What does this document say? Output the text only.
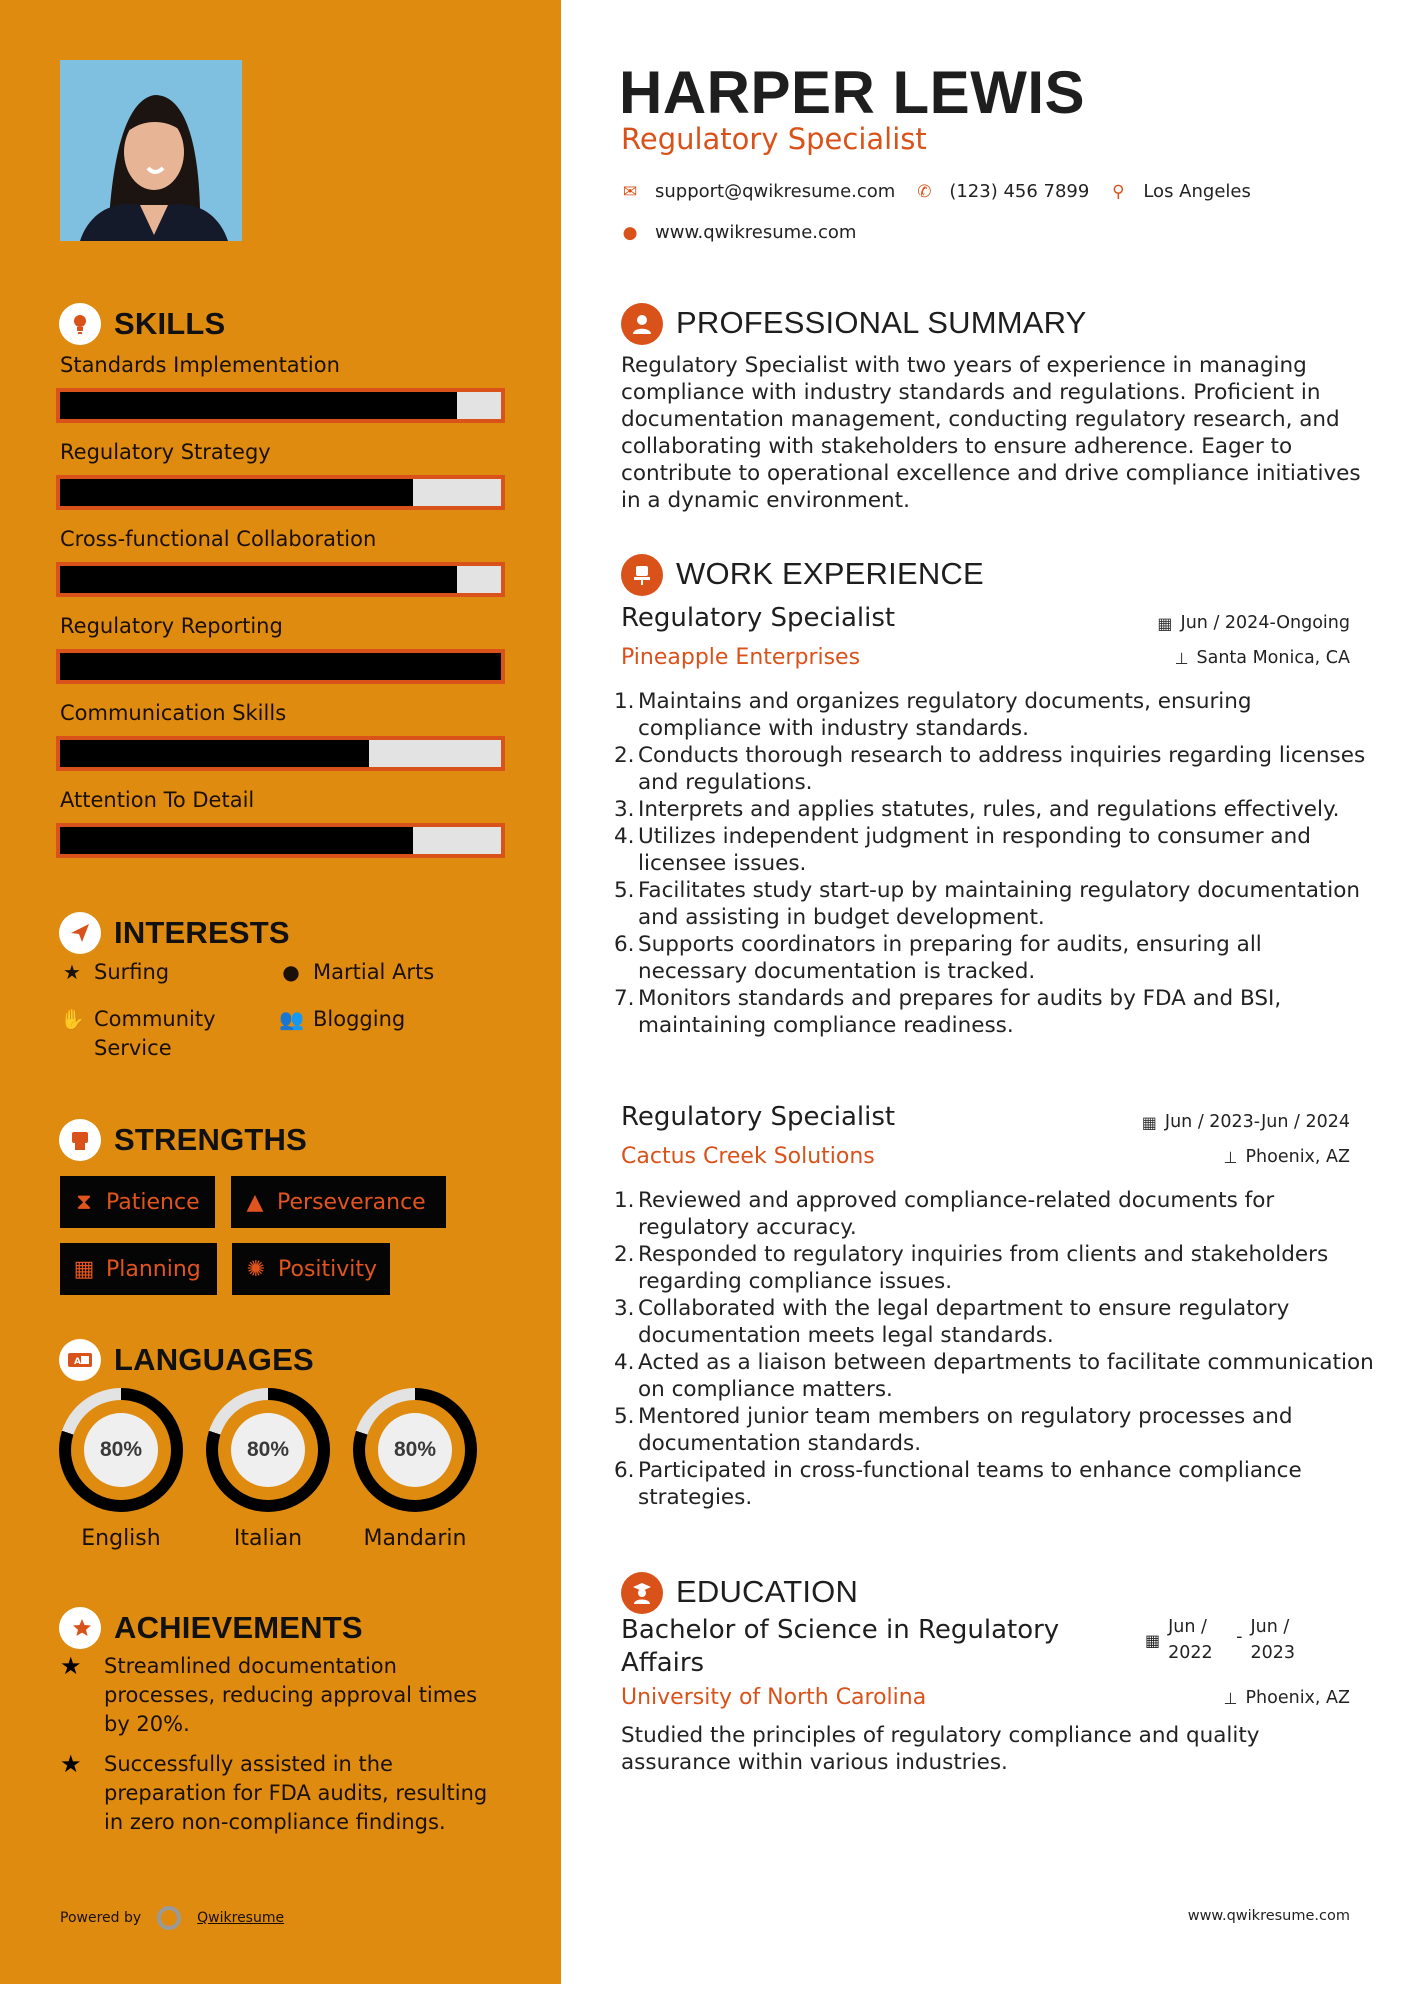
SKILLS
Standards Implementation
Regulatory Strategy
Cross-functional Collaboration
Regulatory Reporting
Communication Skills
Attention To Detail
INTERESTS
★ Surfing	● Martial Arts
✋ Community Service
👥 Blogging
STRENGTHS
⧗ Patience ▲ Perseverance
▦ Planning ✺ Positivity
A LANGUAGES
80%
English
80%
Italian
80%
Mandarin
ACHIEVEMENTS
★	Streamlined documentation processes, reducing approval times by 20%.
★	Successfully assisted in the preparation for FDA audits, resulting in zero non-compliance findings.
Powered by	Qwikresume
HARPER LEWIS
Regulatory Specialist
✉ support@qwikresume.com ✆ (123) 456 7899 ⚲ Los Angeles
● www.qwikresume.com
PROFESSIONAL SUMMARY
Regulatory Specialist with two years of experience in managing compliance with industry standards and regulations. Proficient in documentation management, conducting regulatory research, and collaborating with stakeholders to ensure adherence. Eager to contribute to operational excellence and drive compliance initiatives in a dynamic environment.
WORK EXPERIENCE
Regulatory Specialist	▦ Jun / 2024-Ongoing
Pineapple Enterprises	⊥ Santa Monica, CA
1. Maintains and organizes regulatory documents, ensuring compliance with industry standards.
2. Conducts thorough research to address inquiries regarding licenses and regulations.
3. Interprets and applies statutes, rules, and regulations effectively.
4. Utilizes independent judgment in responding to consumer and licensee issues.
5. Facilitates study start-up by maintaining regulatory documentation and assisting in budget development.
6. Supports coordinators in preparing for audits, ensuring all necessary documentation is tracked.
7. Monitors standards and prepares for audits by FDA and BSI, maintaining compliance readiness.
Regulatory Specialist	▦ Jun / 2023-Jun / 2024
Cactus Creek Solutions	⊥ Phoenix, AZ
1. Reviewed and approved compliance-related documents for regulatory accuracy.
2. Responded to regulatory inquiries from clients and stakeholders regarding compliance issues.
3. Collaborated with the legal department to ensure regulatory documentation meets legal standards.
4. Acted as a liaison between departments to facilitate communication on compliance matters.
5. Mentored junior team members on regulatory processes and documentation standards.
6. Participated in cross-functional teams to enhance compliance strategies.
EDUCATION
Bachelor of Science in Regulatory Affairs
▦
Jun /
2022
- Jun /
2023
University of North Carolina	⊥ Phoenix, AZ
Studied the principles of regulatory compliance and quality assurance within various industries.
www.qwikresume.com
